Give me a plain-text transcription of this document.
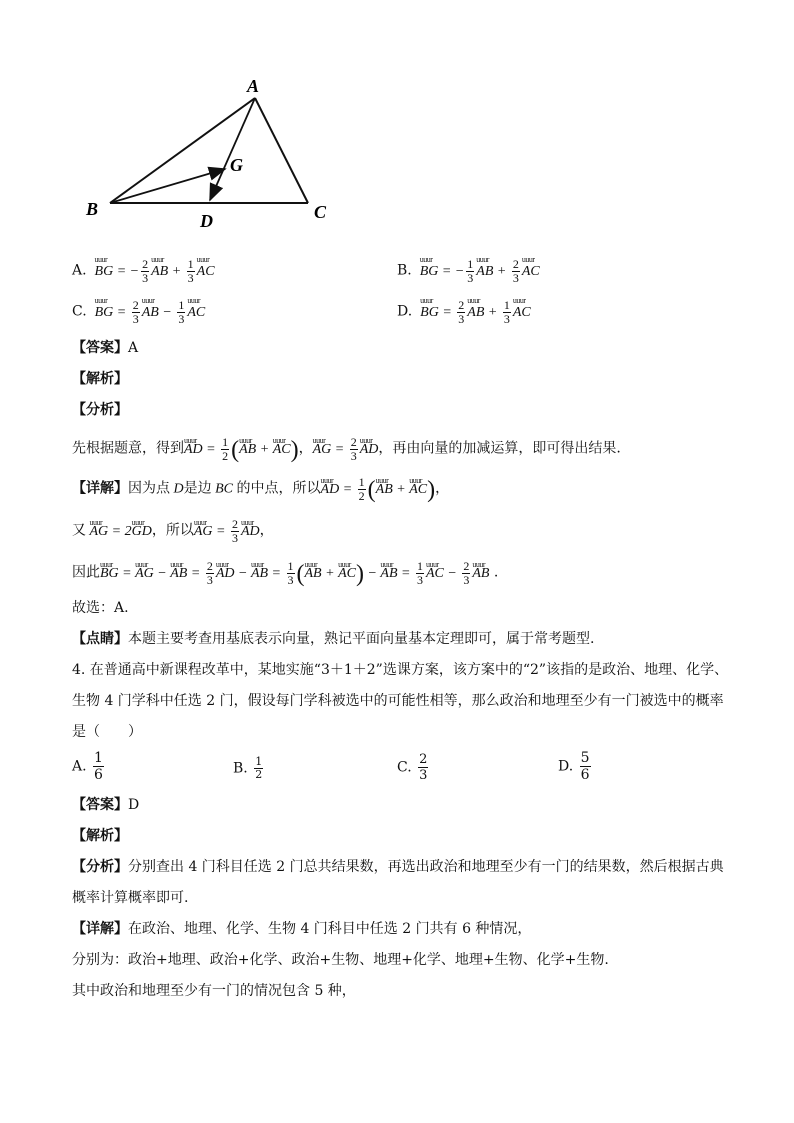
A
B	C
D
G
A. uuur BG = − $\frac{2}{3}$ uuur AB + $\frac{1}{3}$ uuur AC	B. uuur BG = − $\frac{1}{3}$ uuur AB + $\frac{2}{3}$ uuur AC
C. uuur BG = $\frac{2}{3}$ uuur AB − $\frac{1}{3}$ uuur AC	D. uuur BG = $\frac{2}{3}$ uuur AB + $\frac{1}{3}$ uuur AC
【答案】A
【解析】
【分析】
先根据题意，得到uuur AD = $\frac{1}{2}$ (uuur AB + uuur AC)，uuur AG = $\frac{2}{3}$ uuur AD，再由向量的加减运算，即可得出结果.
【详解】因为点 D是边 BC 的中点，所以uuur AD = $\frac{1}{2}$ (uuur AB + uuur AC)，
又 uuur AG = 2uuur GD，所以uuur AG = $\frac{2}{3}$ uuur AD，
因此uuur BG = uuur AG − uuur AB = $\frac{2}{3}$ uuur AD − uuur AB = $\frac{1}{3}$ (uuur AB + uuur AC) − uuur AB = $\frac{1}{3}$ uuur AC − $\frac{2}{3}$ uuur AB .
故选：A.
【点睛】本题主要考查用基底表示向量，熟记平面向量基本定理即可，属于常考题型.
4. 在普通高中新课程改革中，某地实施“3＋1＋2”选课方案，该方案中的“2”该指的是政治、地理、化学、
生物 4 门学科中任选 2 门，假设每门学科被选中的可能性相等，那么政治和地理至少有一门被选中的概率
是（　　）
A. $\frac{1}{6}$	B. $\frac{1}{2}$	C. $\frac{2}{3}$	D. $\frac{5}{6}$
【答案】D
【解析】
【分析】分别查出 4 门科目任选 2 门总共结果数，再选出政治和地理至少有一门的结果数，然后根据古典
概率计算概率即可.
【详解】在政治、地理、化学、生物 4 门科目中任选 2 门共有 6 种情况，
分别为：政治+地理、政治+化学、政治+生物、地理+化学、地理+生物、化学+生物.
其中政治和地理至少有一门的情况包含 5 种，
